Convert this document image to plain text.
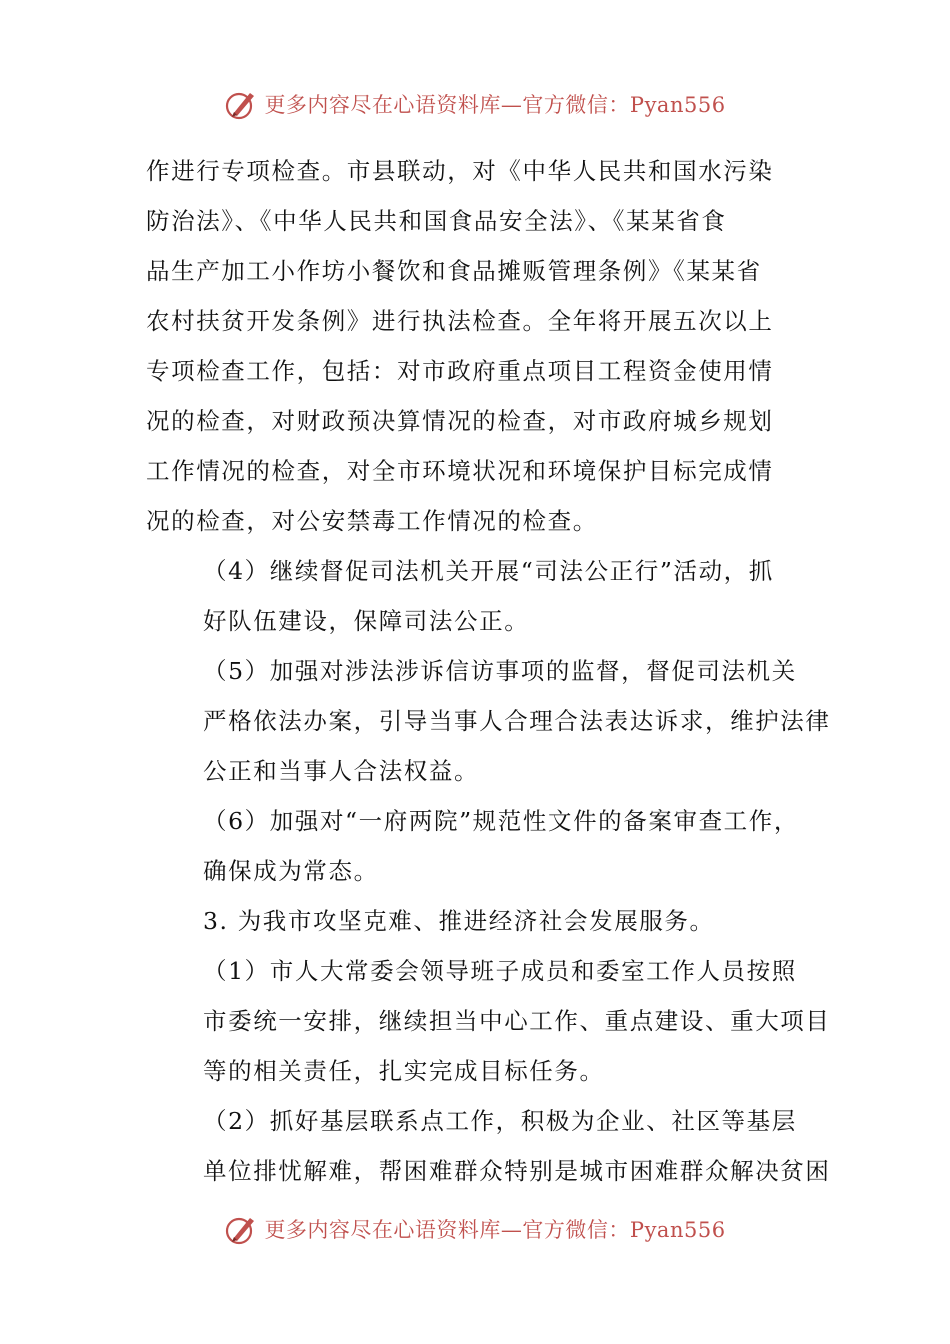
更多内容尽在心语资料库—官方微信：Pyan556

作进行专项检查。市县联动，对《中华人民共和国水污染
防治法》、《中华人民共和国食品安全法》、《某某省食
品生产加工小作坊小餐饮和食品摊贩管理条例》《某某省
农村扶贫开发条例》进行执法检查。全年将开展五次以上
专项检查工作，包括：对市政府重点项目工程资金使用情
况的检查，对财政预决算情况的检查，对市政府城乡规划
工作情况的检查，对全市环境状况和环境保护目标完成情
况的检查，对公安禁毒工作情况的检查。

（4）继续督促司法机关开展“司法公正行”活动，抓
好队伍建设，保障司法公正。

（5）加强对涉法涉诉信访事项的监督，督促司法机关
严格依法办案，引导当事人合理合法表达诉求，维护法律
公正和当事人合法权益。

（6）加强对“一府两院”规范性文件的备案审查工作，
确保成为常态。

3. 为我市攻坚克难、推进经济社会发展服务。

（1）市人大常委会领导班子成员和委室工作人员按照
市委统一安排，继续担当中心工作、重点建设、重大项目
等的相关责任，扎实完成目标任务。

（2）抓好基层联系点工作，积极为企业、社区等基层
单位排忧解难，帮困难群众特别是城市困难群众解决贫困

更多内容尽在心语资料库—官方微信：Pyan556
